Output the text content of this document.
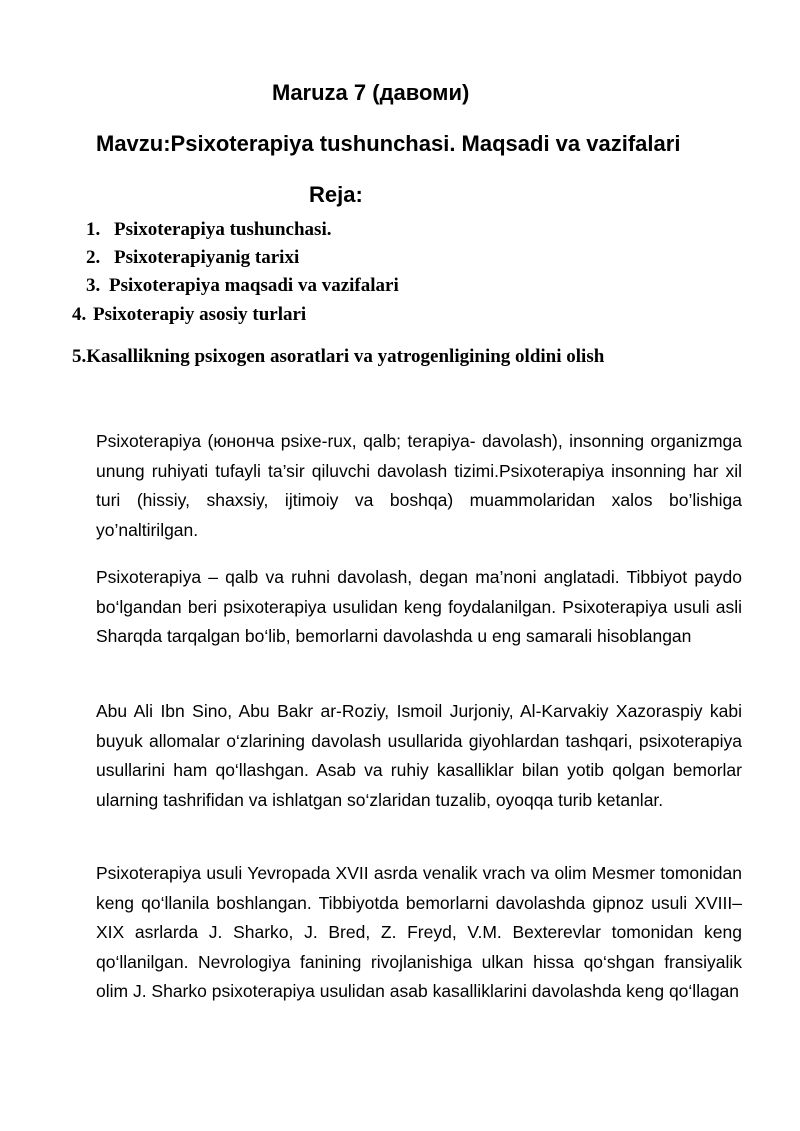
Maruza 7 (давоми)
Mavzu:Psixoterapiya tushunchasi. Maqsadi va vazifalari
Reja:
1. Psixoterapiya tushunchasi.
2. Psixoterapiyanig tarixi
3. Psixoterapiya maqsadi va vazifalari
4. Psixoterapiy asosiy turlari
5.Kasallikning psixogen asoratlari va yatrogenligining oldini olish

Psixoterapiya (юнонча psixe-rux, qalb; terapiya- davolash), insonning organizmga unung ruhiyati tufayli ta’sir qiluvchi davolash tizimi.Psixoterapiya insonning har xil turi (hissiy, shaxsiy, ijtimoiy va boshqa) muammolaridan xalos bo’lishiga yo’naltirilgan.

Psixoterapiya – qalb va ruhni davolash, degan ma’noni anglatadi. Tibbiyot paydo bo‘lgandan beri psixoterapiya usulidan keng foydalanilgan. Psixoterapiya usuli asli Sharqda tarqalgan bo‘lib, bemorlarni davolashda u eng samarali hisoblangan

Abu Ali Ibn Sino, Abu Bakr ar-Roziy, Ismoil Jurjoniy, Al-Karvakiy Xazoraspiy kabi buyuk allomalar o‘zlarining davolash usullarida giyohlardan tashqari, psixoterapiya usullarini ham qo‘llashgan. Asab va ruhiy kasalliklar bilan yotib qolgan bemorlar ularning tashrifidan va ishlatgan so‘zlaridan tuzalib, oyoqqa turib ketanlar.

Psixoterapiya usuli Yevropada XVII asrda venalik vrach va olim Mesmer tomonidan keng qo‘llanila boshlangan. Tibbiyotda bemorlarni davolashda gipnoz usuli XVIII–XIX asrlarda J. Sharko, J. Bred, Z. Freyd, V.M. Bexterevlar tomonidan keng qo‘llanilgan. Nevrologiya fanining rivojlanishiga ulkan hissa qo‘shgan fransiyalik olim J. Sharko psixoterapiya usulidan asab kasalliklarini davolashda keng qo‘llagan
